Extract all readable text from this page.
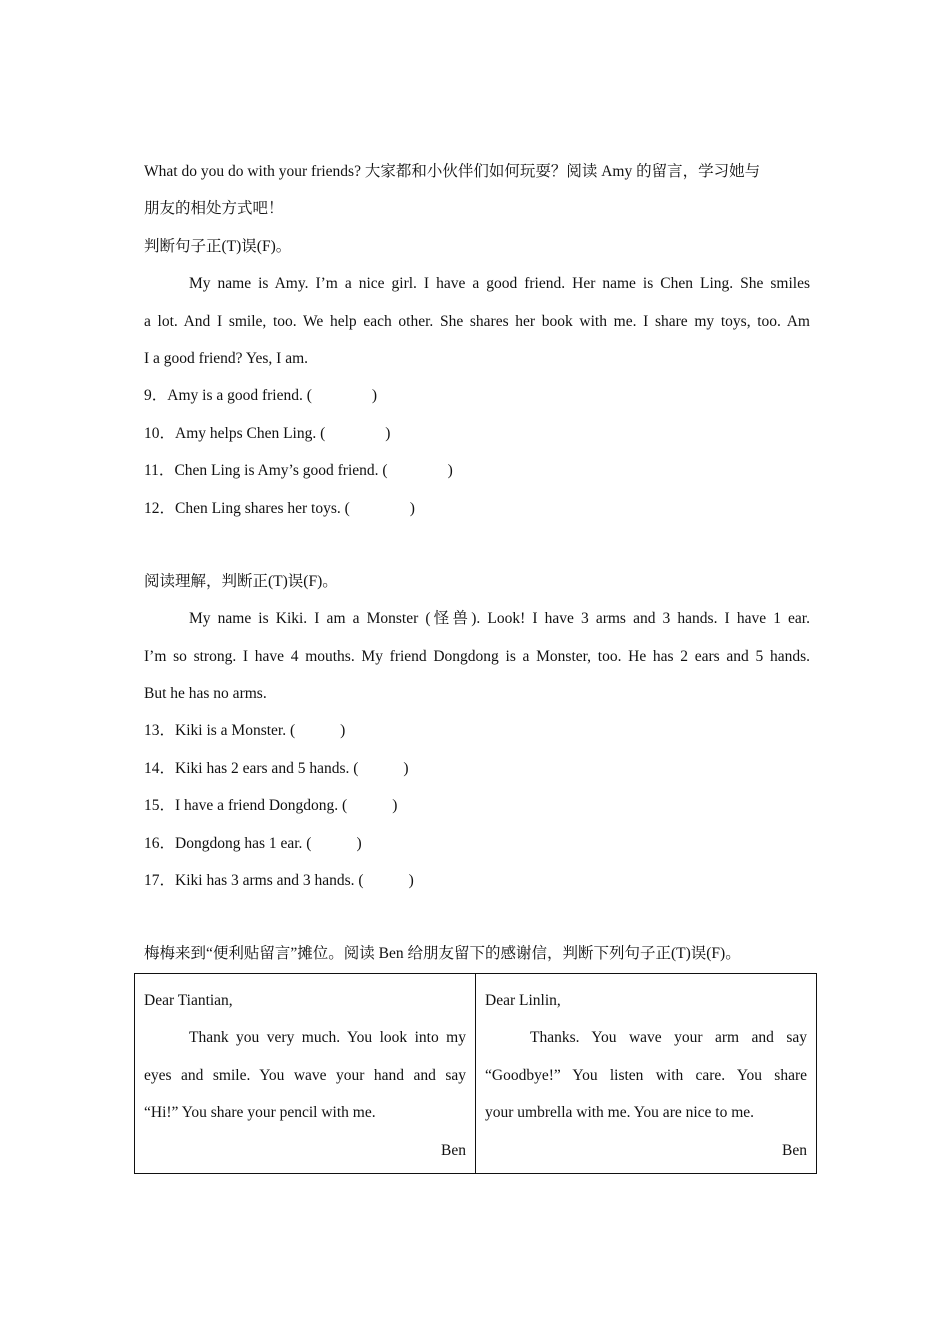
What do you do with your friends? 大家都和小伙伴们如何玩耍？阅读 Amy 的留言，学习她与
朋友的相处方式吧！
判断句子正(T)误(F)。
My name is Amy. I’m a nice girl. I have a good friend. Her name is Chen Ling. She smiles
a lot. And I smile, too. We help each other. She shares her book with me. I share my toys, too. Am
I a good friend? Yes, I am.
9．Amy is a good friend. (	)
10．Amy helps Chen Ling. (	)
11．Chen Ling is Amy’s good friend. (	)
12．Chen Ling shares her toys. (	)
阅读理解，判断正(T)误(F)。
My name is Kiki. I am a Monster (怪兽). Look! I have 3 arms and 3 hands. I have 1 ear.
I’m so strong. I have 4 mouths. My friend Dongdong is a Monster, too. He has 2 ears and 5 hands.
But he has no arms.
13．Kiki is a Monster. (	)
14．Kiki has 2 ears and 5 hands. (	)
15．I have a friend Dongdong. (	)
16．Dongdong has 1 ear. (	)
17．Kiki has 3 arms and 3 hands. (	)
梅梅来到“便利贴留言”摊位。阅读 Ben 给朋友留下的感谢信，判断下列句子正(T)误(F)。
Dear Tiantian,
Thank you very much. You look into my
eyes and smile. You wave your hand and say
“Hi!” You share your pencil with me.
Ben

Dear Linlin,
Thanks. You wave your arm and say
“Goodbye!” You listen with care. You share
your umbrella with me. You are nice to me.
Ben
